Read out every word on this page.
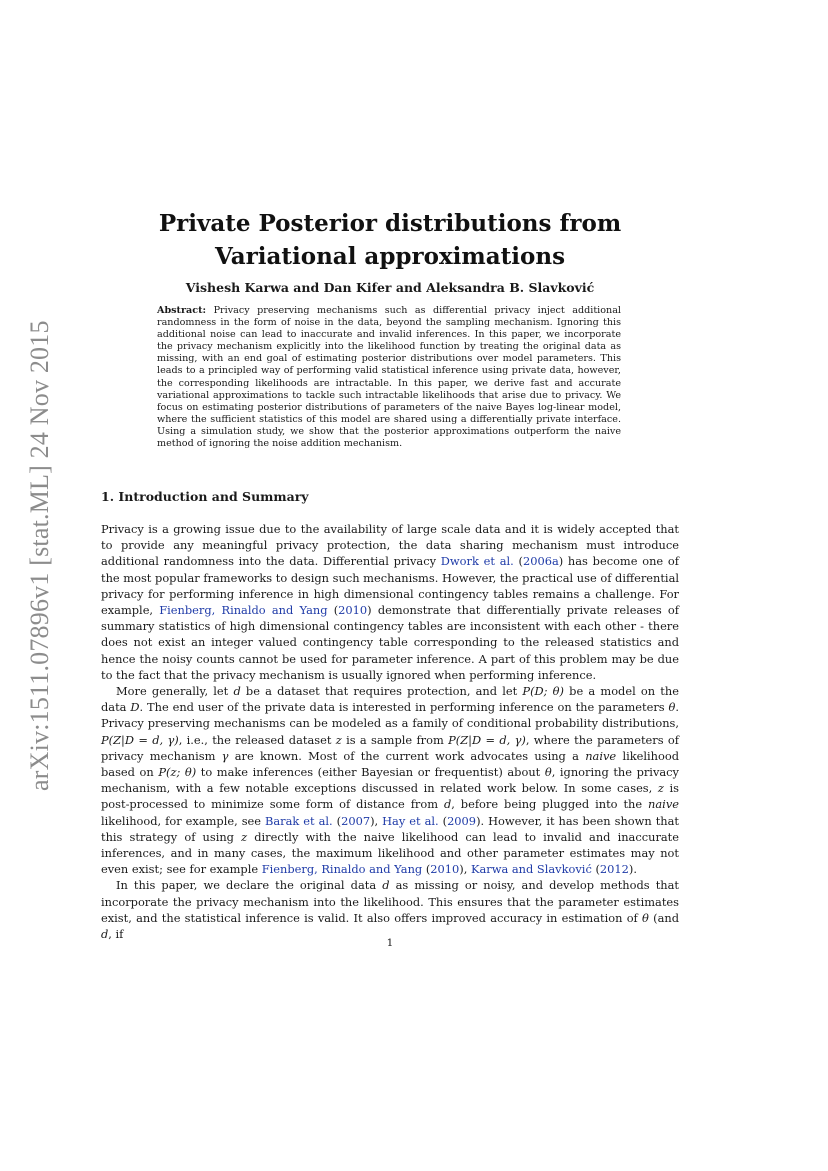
arXiv:1511.07896v1 [stat.ML] 24 Nov 2015
Private Posterior distributions from Variational approximations
Vishesh Karwa and Dan Kifer and Aleksandra B. Slavković
Abstract: Privacy preserving mechanisms such as differential privacy inject additional randomness in the form of noise in the data, beyond the sampling mechanism. Ignoring this additional noise can lead to inaccurate and invalid inferences. In this paper, we incorporate the privacy mechanism explicitly into the likelihood function by treating the original data as missing, with an end goal of estimating posterior distributions over model parameters. This leads to a principled way of performing valid statistical inference using private data, however, the corresponding likelihoods are intractable. In this paper, we derive fast and accurate variational approximations to tackle such intractable likelihoods that arise due to privacy. We focus on estimating posterior distributions of parameters of the naive Bayes log-linear model, where the sufficient statistics of this model are shared using a differentially private interface. Using a simulation study, we show that the posterior approximations outperform the naive method of ignoring the noise addition mechanism.
1. Introduction and Summary

Privacy is a growing issue due to the availability of large scale data and it is widely accepted that to provide any meaningful privacy protection, the data sharing mechanism must introduce additional randomness into the data. Differential privacy Dwork et al. (2006a) has become one of the most popular frameworks to design such mechanisms. However, the practical use of differential privacy for performing inference in high dimensional contingency tables remains a challenge. For example, Fienberg, Rinaldo and Yang (2010) demonstrate that differentially private releases of summary statistics of high dimensional contingency tables are inconsistent with each other - there does not exist an integer valued contingency table corresponding to the released statistics and hence the noisy counts cannot be used for parameter inference. A part of this problem may be due to the fact that the privacy mechanism is usually ignored when performing inference.

More generally, let d be a dataset that requires protection, and let P(D; θ) be a model on the data D. The end user of the private data is interested in performing inference on the parameters θ. Privacy preserving mechanisms can be modeled as a family of conditional probability distributions, P(Z|D = d, γ), i.e., the released dataset z is a sample from P(Z|D = d, γ), where the parameters of privacy mechanism γ are known. Most of the current work advocates using a naive likelihood based on P(z; θ) to make inferences (either Bayesian or frequentist) about θ, ignoring the privacy mechanism, with a few notable exceptions discussed in related work below. In some cases, z is post-processed to minimize some form of distance from d, before being plugged into the naive likelihood, for example, see Barak et al. (2007), Hay et al. (2009). However, it has been shown that this strategy of using z directly with the naive likelihood can lead to invalid and inaccurate inferences, and in many cases, the maximum likelihood and other parameter estimates may not even exist; see for example Fienberg, Rinaldo and Yang (2010), Karwa and Slavković (2012).

In this paper, we declare the original data d as missing or noisy, and develop methods that incorporate the privacy mechanism into the likelihood. This ensures that the parameter estimates exist, and the statistical inference is valid. It also offers improved accuracy in estimation of θ (and d, if

1
